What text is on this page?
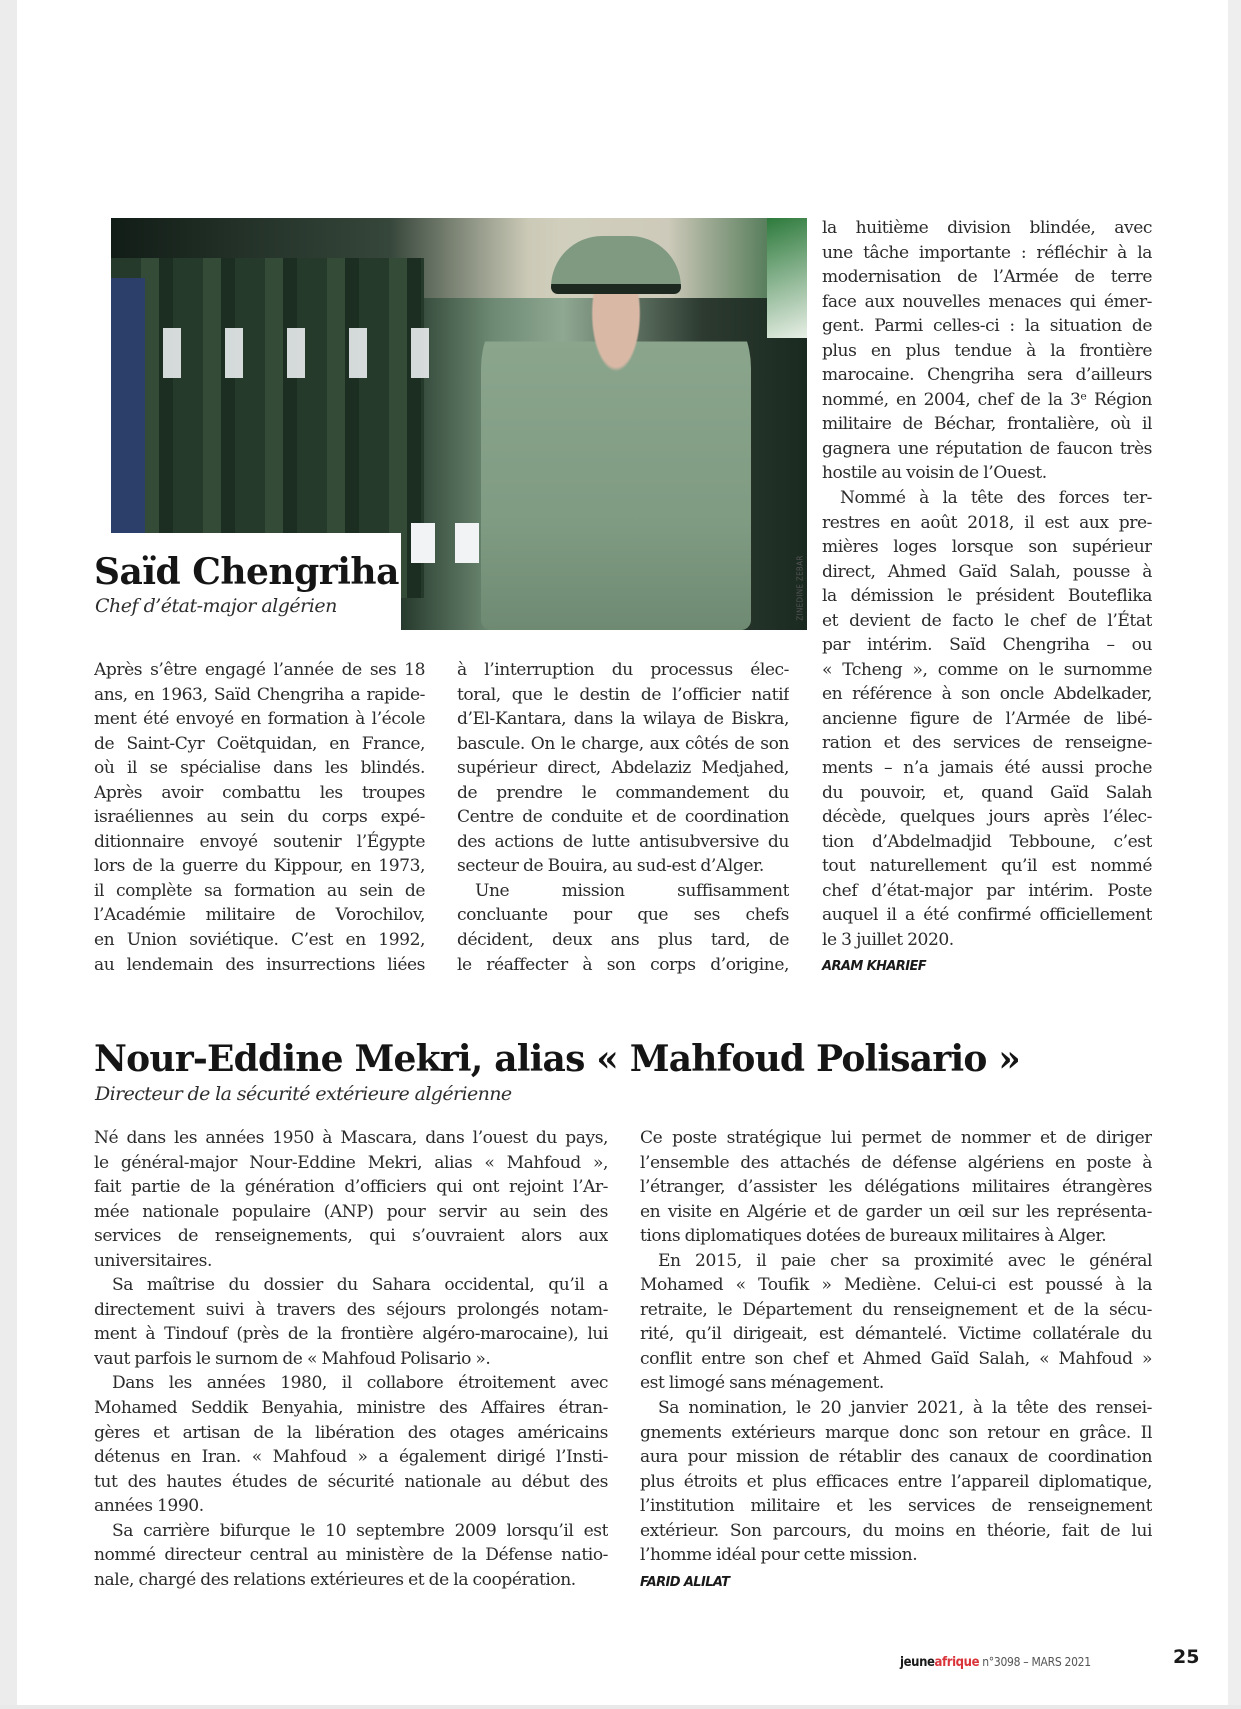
ZINEDINE ZEBAR
Saïd Chengriha
Chef d’état-major algérien
Après s’être engagé l’année de ses 18
ans, en 1963, Saïd Chengriha a rapide-
ment été envoyé en formation à l’école
de Saint-Cyr Coëtquidan, en France,
où il se spécialise dans les blindés.
Après avoir combattu les troupes
israéliennes au sein du corps expé-
ditionnaire envoyé soutenir l’Égypte
lors de la guerre du Kippour, en 1973,
il complète sa formation au sein de
l’Académie militaire de Vorochilov,
en Union soviétique. C’est en 1992,
au lendemain des insurrections liées
à l’interruption du processus élec-
toral, que le destin de l’officier natif
d’El-Kantara, dans la wilaya de Biskra,
bascule. On le charge, aux côtés de son
supérieur direct, Abdelaziz Medjahed,
de prendre le commandement du
Centre de conduite et de coordination
des actions de lutte antisubversive du
secteur de Bouira, au sud-est d’Alger.
Une mission suffisamment
concluante pour que ses chefs
décident, deux ans plus tard, de
le réaffecter à son corps d’origine,
la huitième division blindée, avec
une tâche importante : réfléchir à la
modernisation de l’Armée de terre
face aux nouvelles menaces qui émer-
gent. Parmi celles-ci : la situation de
plus en plus tendue à la frontière
marocaine. Chengriha sera d’ailleurs
nommé, en 2004, chef de la 3ᵉ Région
militaire de Béchar, frontalière, où il
gagnera une réputation de faucon très
hostile au voisin de l’Ouest.
Nommé à la tête des forces ter-
restres en août 2018, il est aux pre-
mières loges lorsque son supérieur
direct, Ahmed Gaïd Salah, pousse à
la démission le président Bouteflika
et devient de facto le chef de l’État
par intérim. Saïd Chengriha – ou
« Tcheng », comme on le surnomme
en référence à son oncle Abdelkader,
ancienne figure de l’Armée de libé-
ration et des services de renseigne-
ments – n’a jamais été aussi proche
du pouvoir, et, quand Gaïd Salah
décède, quelques jours après l’élec-
tion d’Abdelmadjid Tebboune, c’est
tout naturellement qu’il est nommé
chef d’état-major par intérim. Poste
auquel il a été confirmé officiellement
le 3 juillet 2020.
ARAM KHARIEF
Nour-Eddine Mekri, alias « Mahfoud Polisario »
Directeur de la sécurité extérieure algérienne
Né dans les années 1950 à Mascara, dans l’ouest du pays,
le général-major Nour-Eddine Mekri, alias « Mahfoud »,
fait partie de la génération d’officiers qui ont rejoint l’Ar-
mée nationale populaire (ANP) pour servir au sein des
services de renseignements, qui s’ouvraient alors aux
universitaires.
Sa maîtrise du dossier du Sahara occidental, qu’il a
directement suivi à travers des séjours prolongés notam-
ment à Tindouf (près de la frontière algéro-marocaine), lui
vaut parfois le surnom de « Mahfoud Polisario ».
Dans les années 1980, il collabore étroitement avec
Mohamed Seddik Benyahia, ministre des Affaires étran-
gères et artisan de la libération des otages américains
détenus en Iran. « Mahfoud » a également dirigé l’Insti-
tut des hautes études de sécurité nationale au début des
années 1990.
Sa carrière bifurque le 10 septembre 2009 lorsqu’il est
nommé directeur central au ministère de la Défense natio-
nale, chargé des relations extérieures et de la coopération.
Ce poste stratégique lui permet de nommer et de diriger
l’ensemble des attachés de défense algériens en poste à
l’étranger, d’assister les délégations militaires étrangères
en visite en Algérie et de garder un œil sur les représenta-
tions diplomatiques dotées de bureaux militaires à Alger.
En 2015, il paie cher sa proximité avec le général
Mohamed « Toufik » Mediène. Celui-ci est poussé à la
retraite, le Département du renseignement et de la sécu-
rité, qu’il dirigeait, est démantelé. Victime collatérale du
conflit entre son chef et Ahmed Gaïd Salah, « Mahfoud »
est limogé sans ménagement.
Sa nomination, le 20 janvier 2021, à la tête des rensei-
gnements extérieurs marque donc son retour en grâce. Il
aura pour mission de rétablir des canaux de coordination
plus étroits et plus efficaces entre l’appareil diplomatique,
l’institution militaire et les services de renseignement
extérieur. Son parcours, du moins en théorie, fait de lui
l’homme idéal pour cette mission.
FARID ALILAT
jeuneafrique n°3098 – MARS 2021	25
